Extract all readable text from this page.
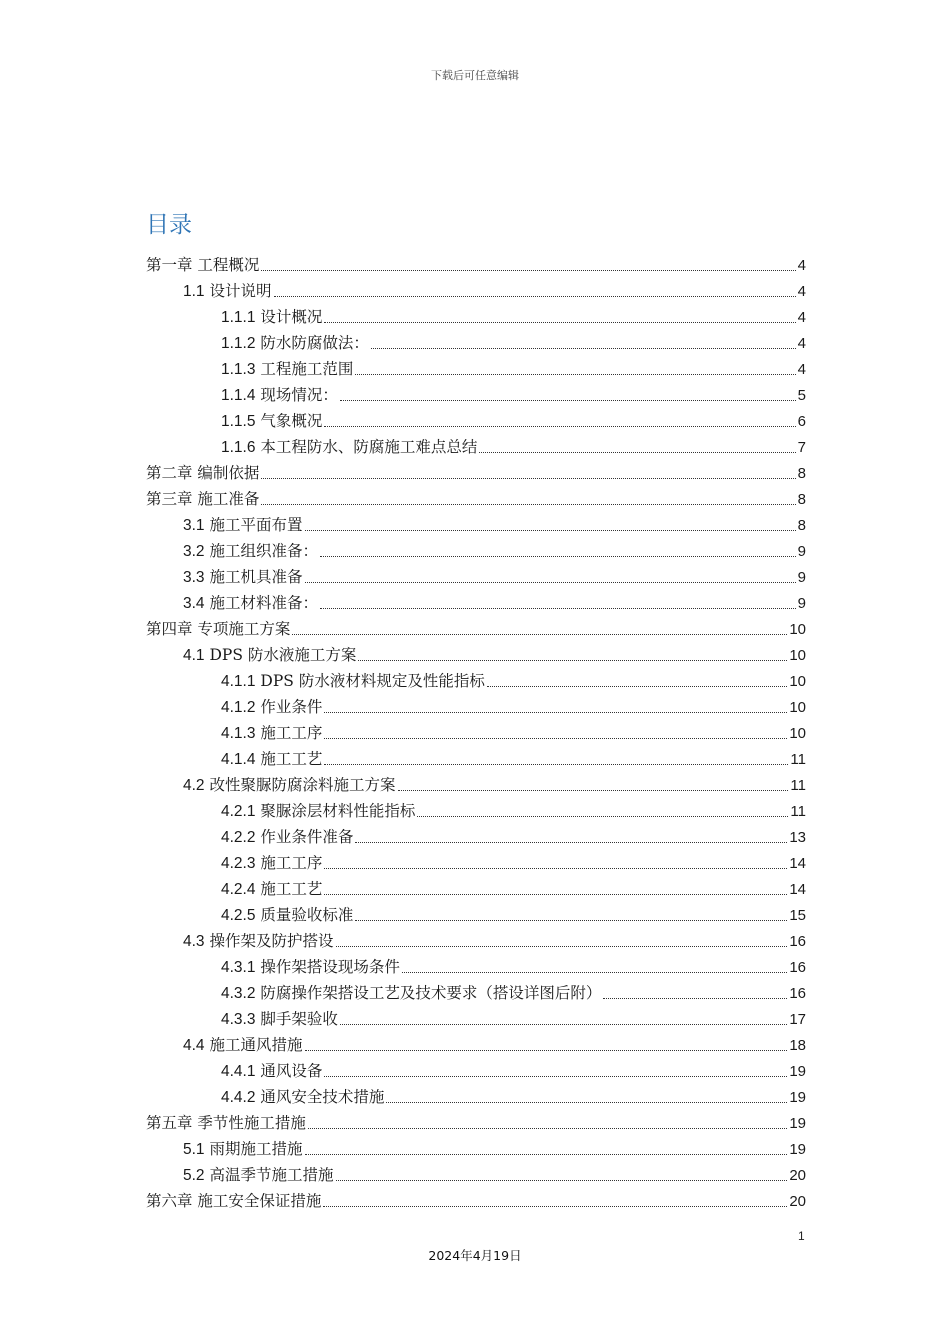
下载后可任意编辑
目录
第一章 工程概况	4
1.1 设计说明	4
1.1.1 设计概况	4
1.1.2 防水防腐做法：	4
1.1.3 工程施工范围	4
1.1.4 现场情况：	5
1.1.5 气象概况	6
1.1.6 本工程防水、防腐施工难点总结	7
第二章 编制依据	8
第三章 施工准备	8
3.1 施工平面布置	8
3.2 施工组织准备：	9
3.3 施工机具准备	9
3.4 施工材料准备：	9
第四章 专项施工方案	10
4.1 DPS 防水液施工方案	10
4.1.1 DPS 防水液材料规定及性能指标	10
4.1.2 作业条件	10
4.1.3 施工工序	10
4.1.4 施工工艺	11
4.2 改性聚脲防腐涂料施工方案	11
4.2.1 聚脲涂层材料性能指标	11
4.2.2 作业条件准备	13
4.2.3 施工工序	14
4.2.4 施工工艺	14
4.2.5 质量验收标准	15
4.3 操作架及防护搭设	16
4.3.1 操作架搭设现场条件	16
4.3.2 防腐操作架搭设工艺及技术要求（搭设详图后附）	16
4.3.3 脚手架验收	17
4.4 施工通风措施	18
4.4.1 通风设备	19
4.4.2 通风安全技术措施	19
第五章 季节性施工措施	19
5.1 雨期施工措施	19
5.2 高温季节施工措施	20
第六章 施工安全保证措施	20
1
2024年4月19日
